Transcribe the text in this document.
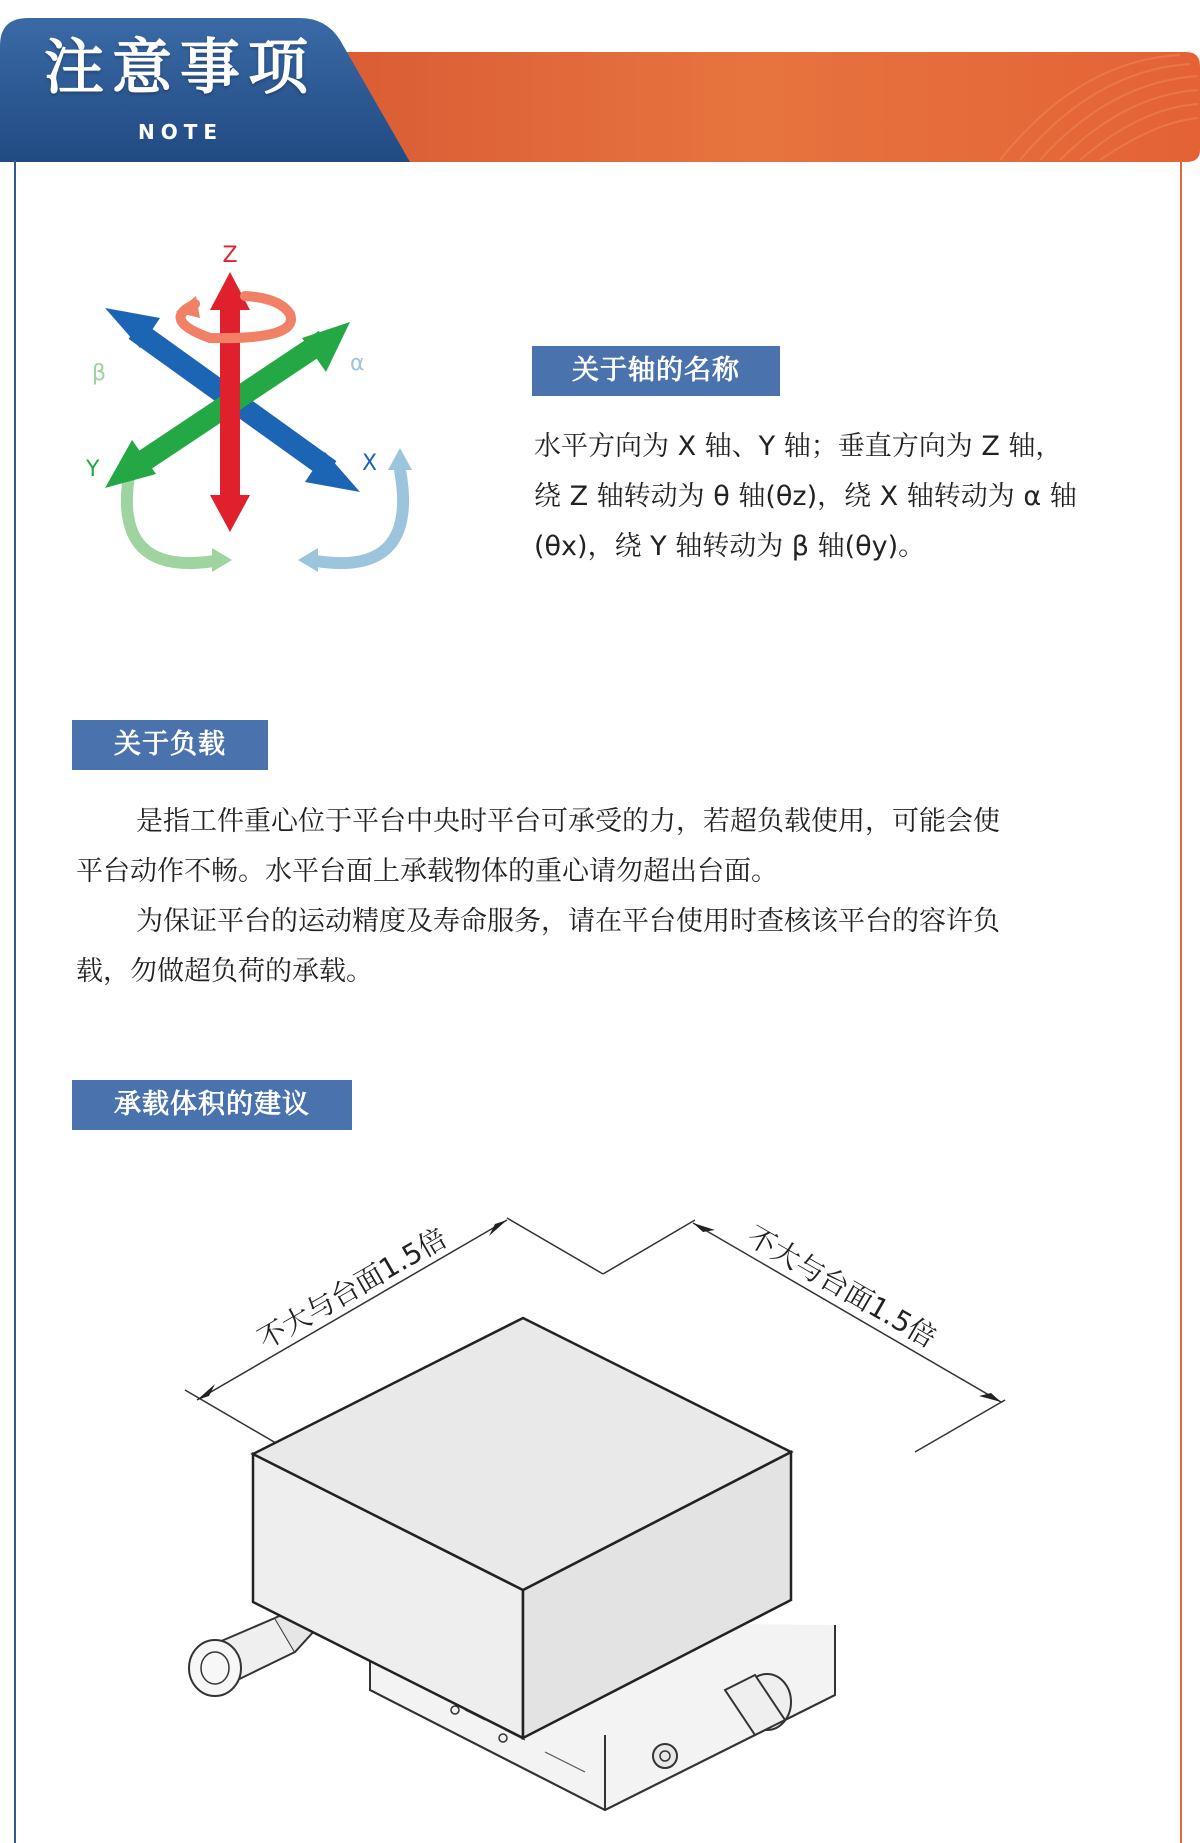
注意事项
NOTE
Z
X
Y
α
β	关于轴的名称

水平方向为 X 轴、Y 轴；垂直方向为 Z 轴，

绕 Z 轴转动为 θ 轴(θz)，绕 X 轴转动为 α 轴

(θx)，绕 Y 轴转动为 β 轴(θy)。

关于负载

是指工件重心位于平台中央时平台可承受的力，若超负载使用，可能会使

平台动作不畅。水平台面上承载物体的重心请勿超出台面。

为保证平台的运动精度及寿命服务，请在平台使用时查核该平台的容许负

载，勿做超负荷的承载。

承载体积的建议
不大与台面1.5倍	不大与台面1.5倍
